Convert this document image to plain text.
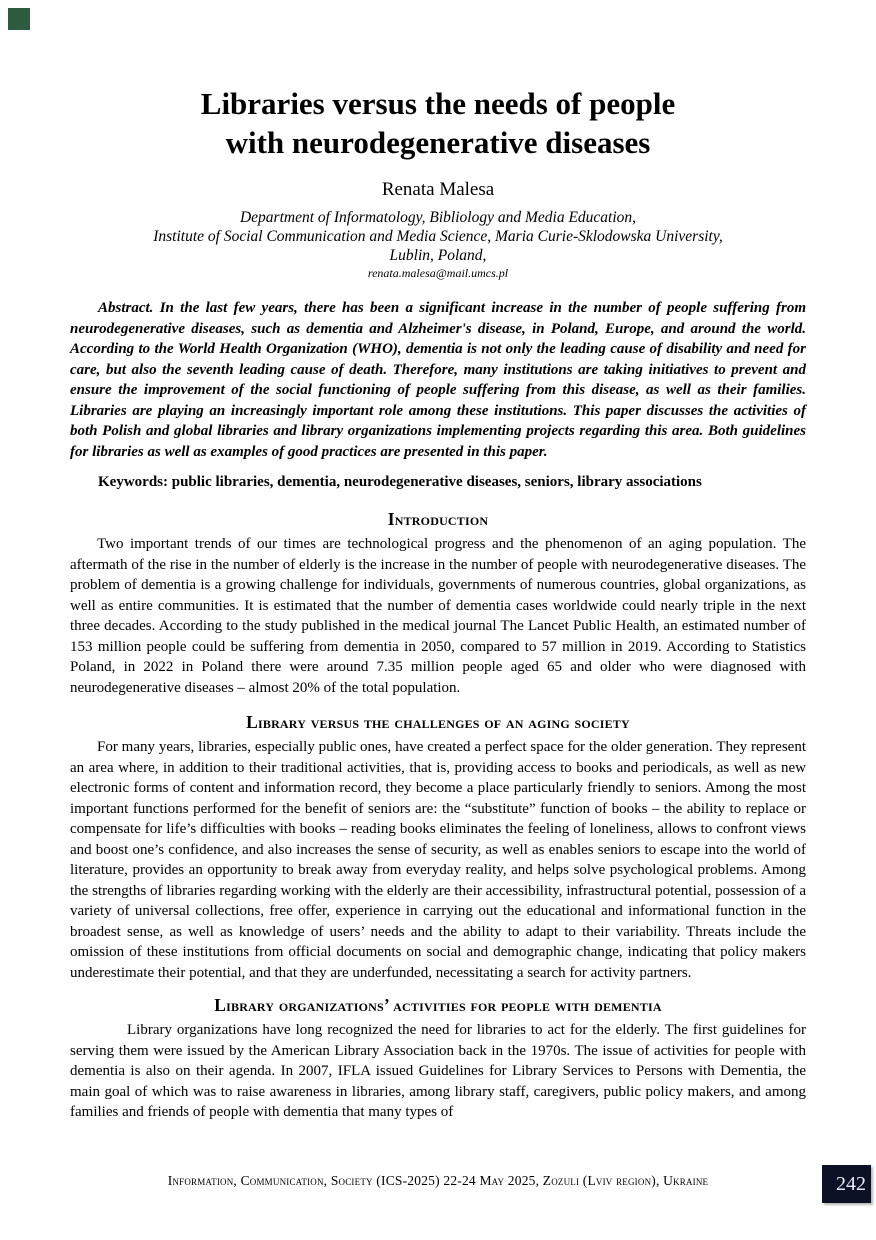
Libraries versus the needs of people
with neurodegenerative diseases
Renata Malesa
Department of Informatology, Bibliology and Media Education,
Institute of Social Communication and Media Science, Maria Curie-Sklodowska University,
Lublin, Poland,
renata.malesa@mail.umcs.pl
Abstract. In the last few years, there has been a significant increase in the number of people suffering from neurodegenerative diseases, such as dementia and Alzheimer's disease, in Poland, Europe, and around the world. According to the World Health Organization (WHO), dementia is not only the leading cause of disability and need for care, but also the seventh leading cause of death. Therefore, many institutions are taking initiatives to prevent and ensure the improvement of the social functioning of people suffering from this disease, as well as their families. Libraries are playing an increasingly important role among these institutions. This paper discusses the activities of both Polish and global libraries and library organizations implementing projects regarding this area. Both guidelines for libraries as well as examples of good practices are presented in this paper.
Keywords: public libraries, dementia, neurodegenerative diseases, seniors, library associations
Introduction
Two important trends of our times are technological progress and the phenomenon of an aging population. The aftermath of the rise in the number of elderly is the increase in the number of people with neurodegenerative diseases. The problem of dementia is a growing challenge for individuals, governments of numerous countries, global organizations, as well as entire communities. It is estimated that the number of dementia cases worldwide could nearly triple in the next three decades. According to the study published in the medical journal The Lancet Public Health, an estimated number of 153 million people could be suffering from dementia in 2050, compared to 57 million in 2019. According to Statistics Poland, in 2022 in Poland there were around 7.35 million people aged 65 and older who were diagnosed with neurodegenerative diseases – almost 20% of the total population.
Library versus the challenges of an aging society
For many years, libraries, especially public ones, have created a perfect space for the older generation. They represent an area where, in addition to their traditional activities, that is, providing access to books and periodicals, as well as new electronic forms of content and information record, they become a place particularly friendly to seniors. Among the most important functions performed for the benefit of seniors are: the “substitute” function of books – the ability to replace or compensate for life’s difficulties with books – reading books eliminates the feeling of loneliness, allows to confront views and boost one’s confidence, and also increases the sense of security, as well as enables seniors to escape into the world of literature, provides an opportunity to break away from everyday reality, and helps solve psychological problems. Among the strengths of libraries regarding working with the elderly are their accessibility, infrastructural potential, possession of a variety of universal collections, free offer, experience in carrying out the educational and informational function in the broadest sense, as well as knowledge of users’ needs and the ability to adapt to their variability. Threats include the omission of these institutions from official documents on social and demographic change, indicating that policy makers underestimate their potential, and that they are underfunded, necessitating a search for activity partners.
Library organizations’ activities for people with dementia
Library organizations have long recognized the need for libraries to act for the elderly. The first guidelines for serving them were issued by the American Library Association back in the 1970s. The issue of activities for people with dementia is also on their agenda. In 2007, IFLA issued Guidelines for Library Services to Persons with Dementia, the main goal of which was to raise awareness in libraries, among library staff, caregivers, public policy makers, and among families and friends of people with dementia that many types of
Information, Communication, Society (ICS-2025) 22-24 May 2025, Zozuli (Lviv region), Ukraine	242
